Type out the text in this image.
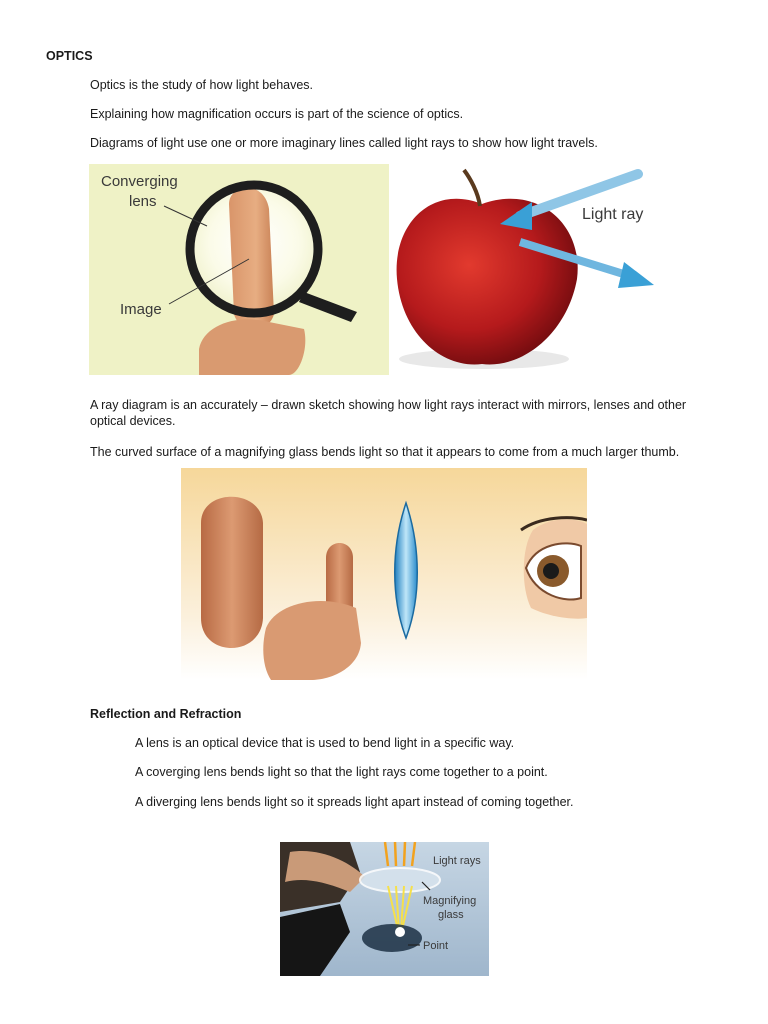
OPTICS
Optics is the study of how light behaves.
Explaining how magnification occurs is part of the science of optics.
Diagrams of light use one or more imaginary lines called light rays to show how light travels.
Converging
lens
Image
Light ray
A ray diagram is an accurately – drawn sketch showing how light rays interact with mirrors, lenses and other optical devices.
The curved surface of a magnifying glass bends light so that it appears to come from a much larger thumb.
Reflection and Refraction
A lens is an optical device that is used to bend light in a specific way.
A coverging lens bends light so that the light rays come together to a point.
A diverging lens bends light so it spreads light apart instead of coming together.
Light rays
Magnifying
glass
Point
